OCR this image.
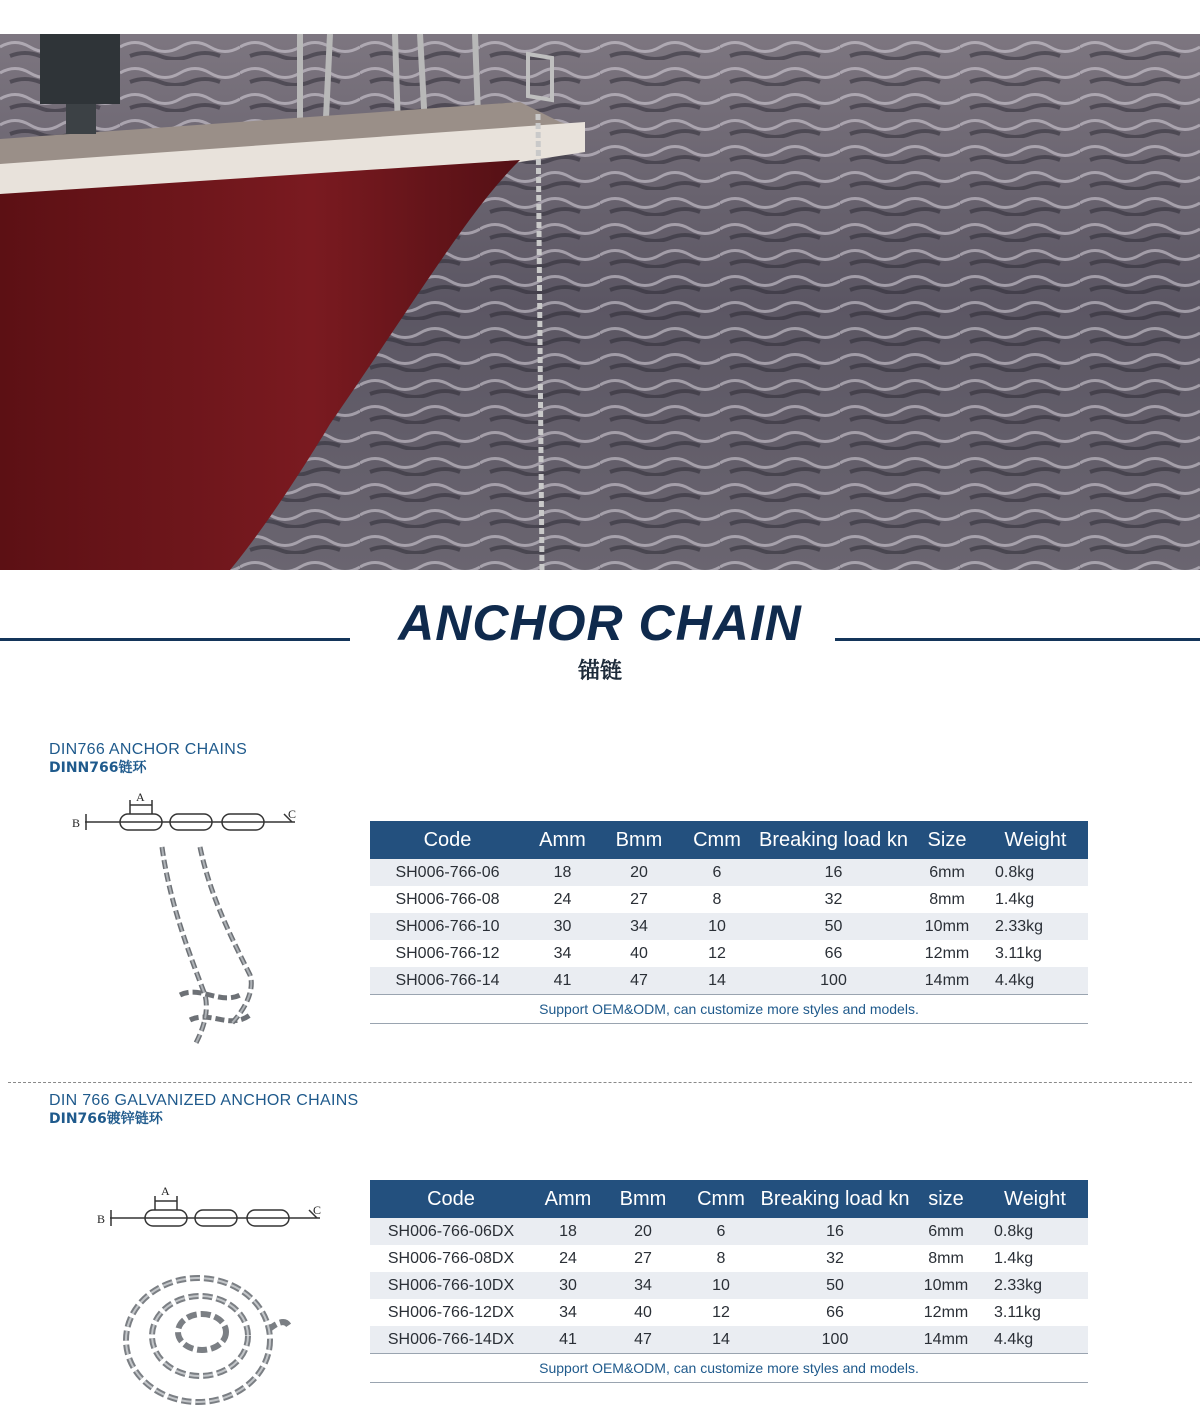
ANCHOR CHAIN
锚链
DIN766 ANCHOR CHAINS
DINN766链环
A
B
C
Code	Amm	Bmm	Cmm	Breaking load kn	Size	Weight
SH006-766-06	18	20	6	16	6mm	0.8kg
SH006-766-08	24	27	8	32	8mm	1.4kg
SH006-766-10	30	34	10	50	10mm	2.33kg
SH006-766-12	34	40	12	66	12mm	3.11kg
SH006-766-14	41	47	14	100	14mm	4.4kg
Support OEM&ODM, can customize more styles and models.						
DIN 766 GALVANIZED ANCHOR CHAINS
DIN766镀锌链环
A
B
C
Code	Amm	Bmm	Cmm	Breaking load kn	size	Weight
SH006-766-06DX	18	20	6	16	6mm	0.8kg
SH006-766-08DX	24	27	8	32	8mm	1.4kg
SH006-766-10DX	30	34	10	50	10mm	2.33kg
SH006-766-12DX	34	40	12	66	12mm	3.11kg
SH006-766-14DX	41	47	14	100	14mm	4.4kg
Support OEM&ODM, can customize more styles and models.						
